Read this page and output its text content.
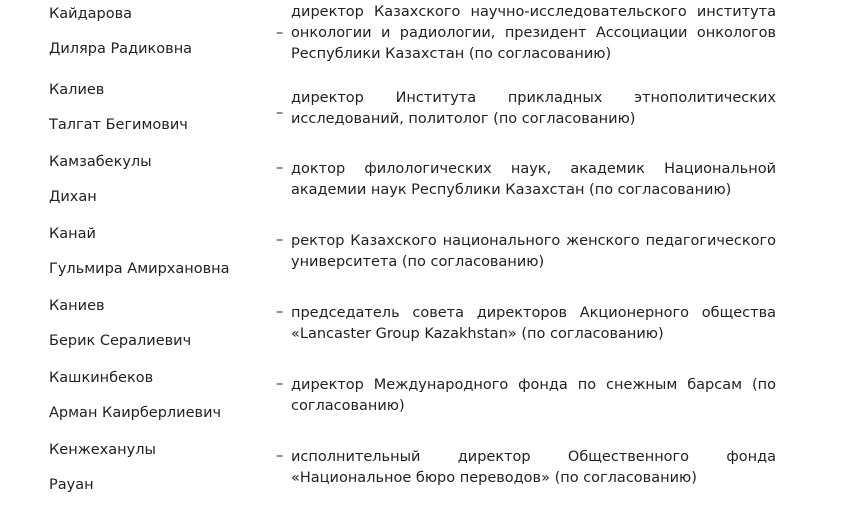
Кайдарова
Диляра Радиковна
–
директор Казахского научно-исследовательского института онкологии и радиологии, президент Ассоциации онкологов Республики Казахстан (по согласованию)
Калиев
Талгат Бегимович
–
директор Института прикладных этнополитических исследований, политолог (по согласованию)
Камзабекулы
Дихан
– доктор филологических наук, академик Национальной академии наук Республики Казахстан (по согласованию)
Канай
Гульмира Амирхановна
– ректор Казахского национального женского педагогического университета (по согласованию)
Каниев
Берик Сералиевич
– председатель совета директоров Акционерного общества «Lancaster Group Kazakhstan» (по согласованию)
Кашкинбеков
Арман Каирберлиевич
– директор Международного фонда по снежным барсам (по согласованию)
Кенжеханулы
Рауан
– исполнительный директор Общественного фонда «Национальное бюро переводов» (по согласованию)
